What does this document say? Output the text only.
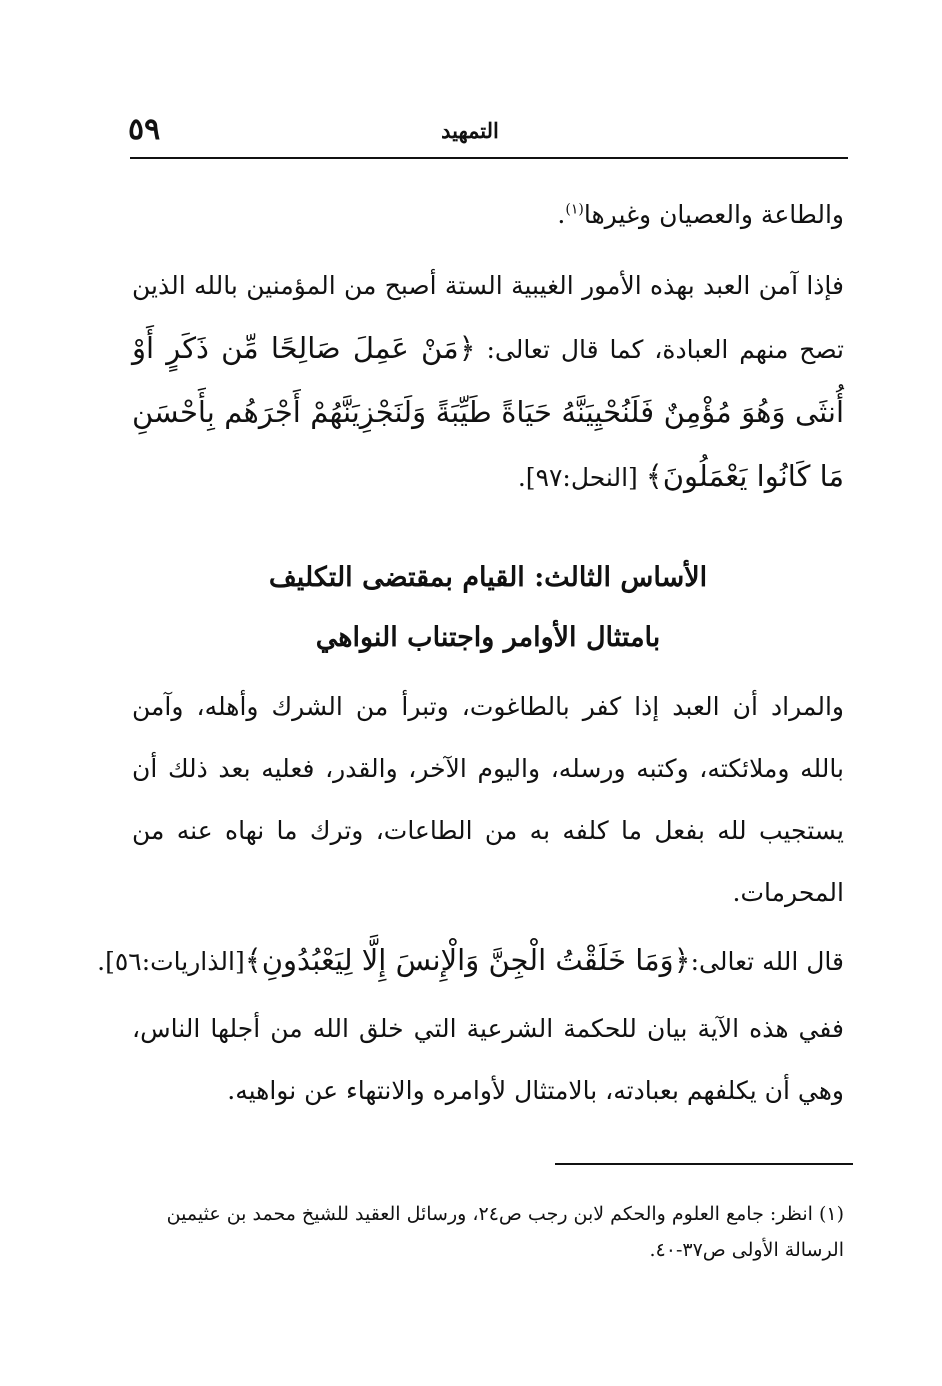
٥٩	التمهيد
والطاعة والعصيان وغيرها$^{(١)}$.

فإذا آمن العبد بهذه الأمور الغيبية الستة أصبح من المؤمنين بالله الذين تصح منهم العبادة، كما قال تعالى: ﴿مَنْ عَمِلَ صَالِحًا مِّن ذَكَرٍ أَوْ أُنثَى وَهُوَ مُؤْمِنٌ فَلَنُحْيِيَنَّهُ حَيَاةً طَيِّبَةً وَلَنَجْزِيَنَّهُمْ أَجْرَهُم بِأَحْسَنِ مَا كَانُوا يَعْمَلُونَ﴾ [النحل:٩٧].

الأساس الثالث: القيام بمقتضى التكليف
بامتثال الأوامر واجتناب النواهي

والمراد أن العبد إذا كفر بالطاغوت، وتبرأ من الشرك وأهله، وآمن بالله وملائكته، وكتبه ورسله، واليوم الآخر، والقدر، فعليه بعد ذلك أن يستجيب لله بفعل ما كلفه به من الطاعات، وترك ما نهاه عنه من المحرمات.

قال الله تعالى:﴿وَمَا خَلَقْتُ الْجِنَّ وَالْإِنسَ إِلَّا لِيَعْبُدُونِ﴾[الذاريات:٥٦].

ففي هذه الآية بيان للحكمة الشرعية التي خلق الله من أجلها الناس، وهي أن يكلفهم بعبادته، بالامتثال لأوامره والانتهاء عن نواهيه.

(١) انظر: جامع العلوم والحكم لابن رجب ص٢٤، ورسائل العقيد للشيخ محمد بن عثيمين الرسالة الأولى ص٣٧-٤٠.
